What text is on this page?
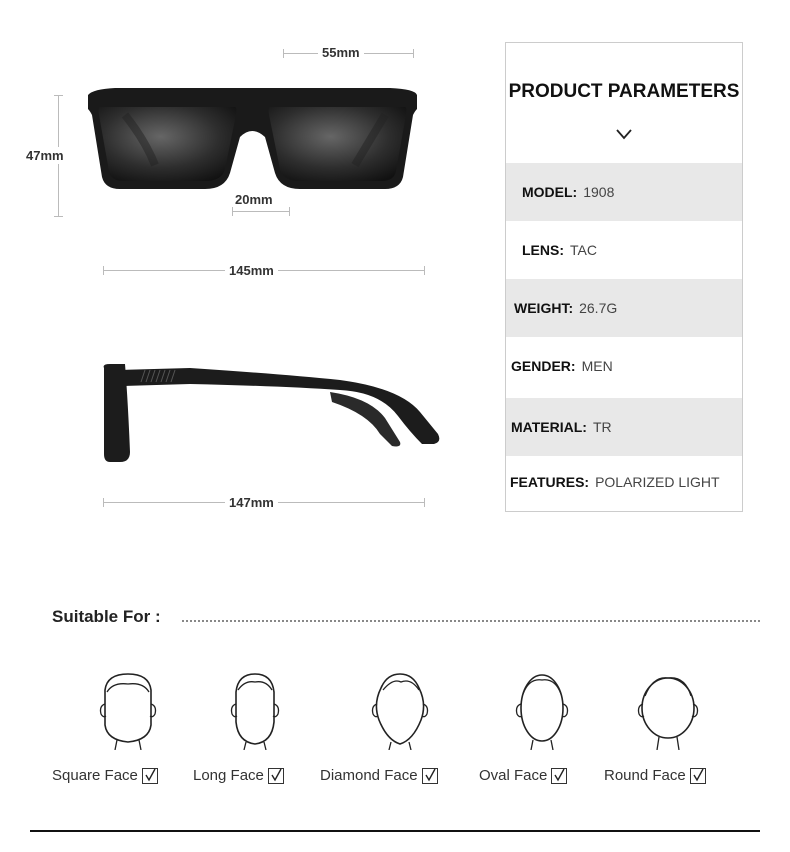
55mm
47mm
20mm
145mm
147mm
PRODUCT PARAMETERS
MODEL: 1908
LENS: TAC
WEIGHT: 26.7G
GENDER: MEN
MATERIAL: TR
FEATURES: POLARIZED LIGHT
Suitable For :
Square Face	Long Face	Diamond Face	Oval Face	Round Face
